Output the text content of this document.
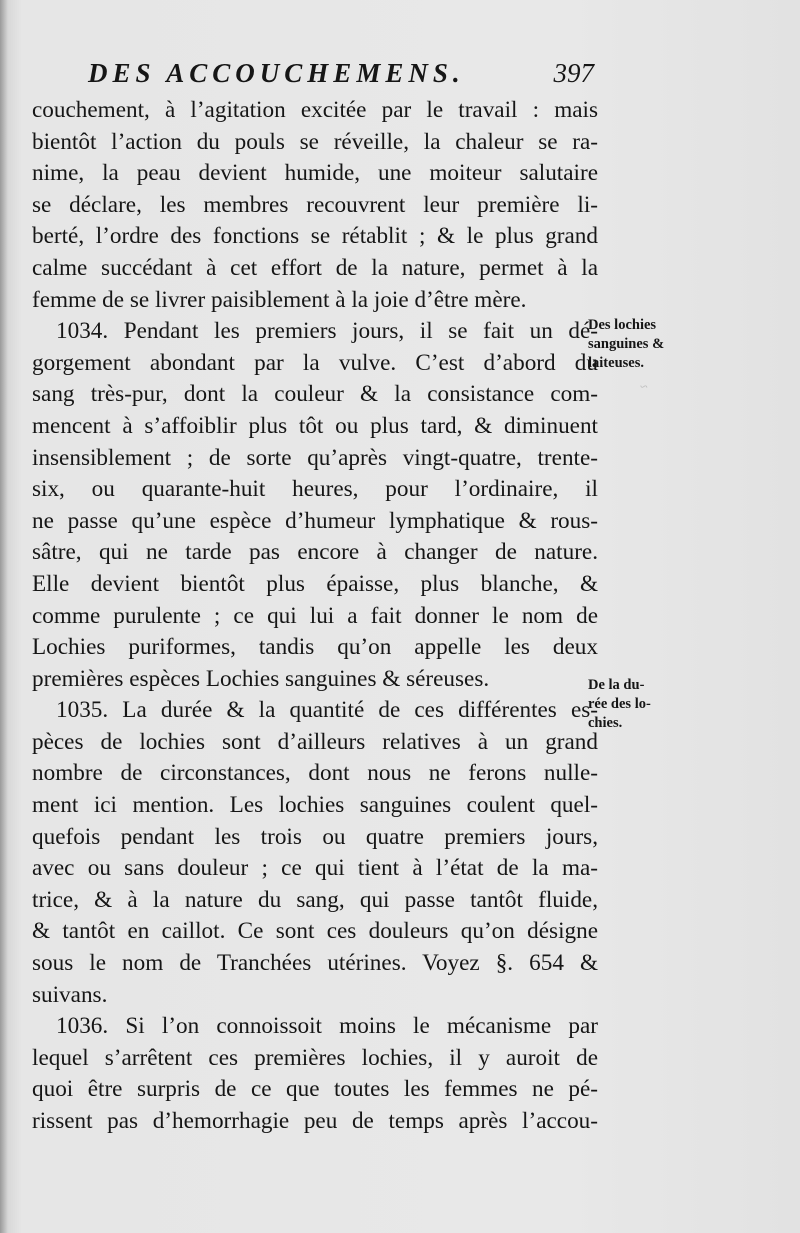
~
DES ACCOUCHEMENS.	397
couchement, à l’agitation excitée par le travail : mais
bientôt l’action du pouls se réveille, la chaleur se ra-
nime, la peau devient humide, une moiteur salutaire
se déclare, les membres recouvrent leur première li-
berté, l’ordre des fonctions se rétablit ; & le plus grand
calme succédant à cet effort de la nature, permet à la
femme de se livrer paisiblement à la joie d’être mère.
1034. Pendant les premiers jours, il se fait un dé-
gorgement abondant par la vulve. C’est d’abord du
sang très-pur, dont la couleur & la consistance com-
mencent à s’affoiblir plus tôt ou plus tard, & diminuent
insensiblement ; de sorte qu’après vingt-quatre, trente-
six, ou quarante-huit heures, pour l’ordinaire, il
ne passe qu’une espèce d’humeur lymphatique & rous-
sâtre, qui ne tarde pas encore à changer de nature.
Elle devient bientôt plus épaisse, plus blanche, &
comme purulente ; ce qui lui a fait donner le nom de
Lochies puriformes, tandis qu’on appelle les deux
premières espèces Lochies sanguines & séreuses.
1035. La durée & la quantité de ces différentes es-
pèces de lochies sont d’ailleurs relatives à un grand
nombre de circonstances, dont nous ne ferons nulle-
ment ici mention. Les lochies sanguines coulent quel-
quefois pendant les trois ou quatre premiers jours,
avec ou sans douleur ; ce qui tient à l’état de la ma-
trice, & à la nature du sang, qui passe tantôt fluide,
& tantôt en caillot. Ce sont ces douleurs qu’on désigne
sous le nom de Tranchées utérines. Voyez §. 654 &
suivans.
1036. Si l’on connoissoit moins le mécanisme par
lequel s’arrêtent ces premières lochies, il y auroit de
quoi être surpris de ce que toutes les femmes ne pé-
rissent pas d’hemorrhagie peu de temps après l’accou-
Des lochies
sanguines &
laiteuses.
De la du-
rée des lo-
chies.
